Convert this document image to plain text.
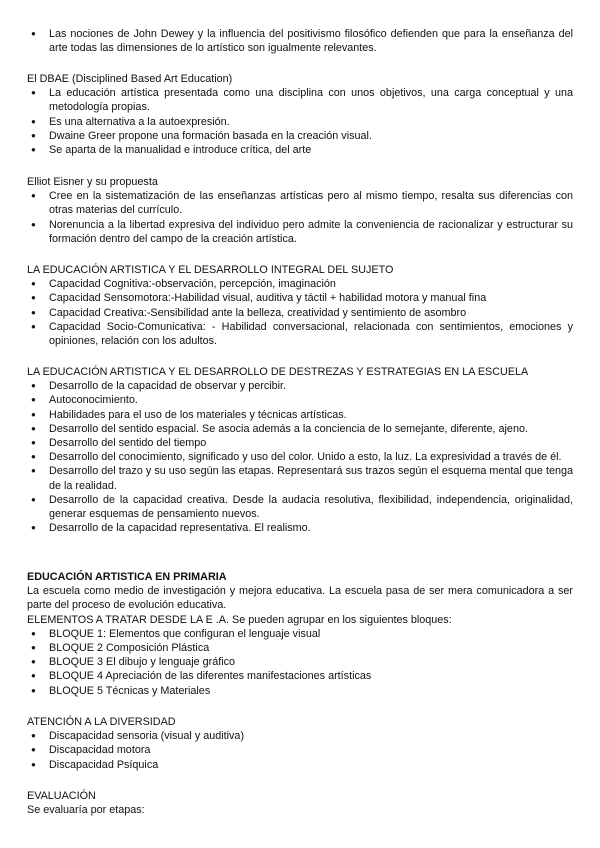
● Las nociones de John Dewey y la influencia del positivismo filosófico defienden que para la enseñanza del arte todas las dimensiones de lo artístico son igualmente relevantes.

El DBAE (Disciplined Based Art Education)

● La educación artística presentada como una disciplina con unos objetivos, una carga conceptual y una metodología propias.
● Es una alternativa a la autoexpresión.
● Dwaine Greer propone una formación basada en la creación visual.
● Se aparta de la manualidad e introduce crítica, del arte

Elliot Eisner y su propuesta

● Cree en la sistematización de las enseñanzas artísticas pero al mismo tiempo, resalta sus diferencias con otras materias del currículo.
● Norenuncia a la libertad expresiva del individuo pero admite la conveniencia de racionalizar y estructurar su formación dentro del campo de la creación artística.

LA EDUCACIÓN ARTISTICA Y EL DESARROLLO INTEGRAL DEL SUJETO

● Capacidad Cognitiva:-observación, percepción, imaginación
● Capacidad Sensomotora:-Habilidad visual, auditiva y táctil + habilidad motora y manual fina
● Capacidad Creativa:-Sensibilidad ante la belleza, creatividad y sentimiento de asombro
● Capacidad Socio-Comunicativa: - Habilidad conversacional, relacionada con sentimientos, emociones y opiniones, relación con los adultos.

LA EDUCACIÓN ARTISTICA Y EL DESARROLLO DE DESTREZAS Y ESTRATEGIAS EN LA ESCUELA

● Desarrollo de la capacidad de observar y percibir.
● Autoconocimiento.
● Habilidades para el uso de los materiales y técnicas artísticas.
● Desarrollo del sentido espacial. Se asocia además a la conciencia de lo semejante, diferente, ajeno.
● Desarrollo del sentido del tiempo
● Desarrollo del conocimiento, significado y uso del color. Unido a esto, la luz. La expresividad a través de él.
● Desarrollo del trazo y su uso según las etapas. Representará sus trazos según el esquema mental que tenga de la realidad.
● Desarrollo de la capacidad creativa. Desde la audacia resolutiva, flexibilidad, independencia, originalidad, generar esquemas de pensamiento nuevos.
● Desarrollo de la capacidad representativa. El realismo.

EDUCACIÓN ARTISTICA EN PRIMARIA

La escuela como medio de investigación y mejora educativa. La escuela pasa de ser mera comunicadora a ser parte del proceso de evolución educativa.

ELEMENTOS A TRATAR DESDE LA E .A. Se pueden agrupar en los siguientes bloques:

● BLOQUE 1: Elementos que configuran el lenguaje visual
● BLOQUE 2 Composición Plástica
● BLOQUE 3 El dibujo y lenguaje gráfico
● BLOQUE 4 Apreciación de las diferentes manifestaciones artísticas
● BLOQUE 5 Técnicas y Materiales

ATENCIÓN A LA DIVERSIDAD

● Discapacidad sensoria (visual y auditiva)
● Discapacidad motora
● Discapacidad Psíquica

EVALUACIÓN

Se evaluaría por etapas:
